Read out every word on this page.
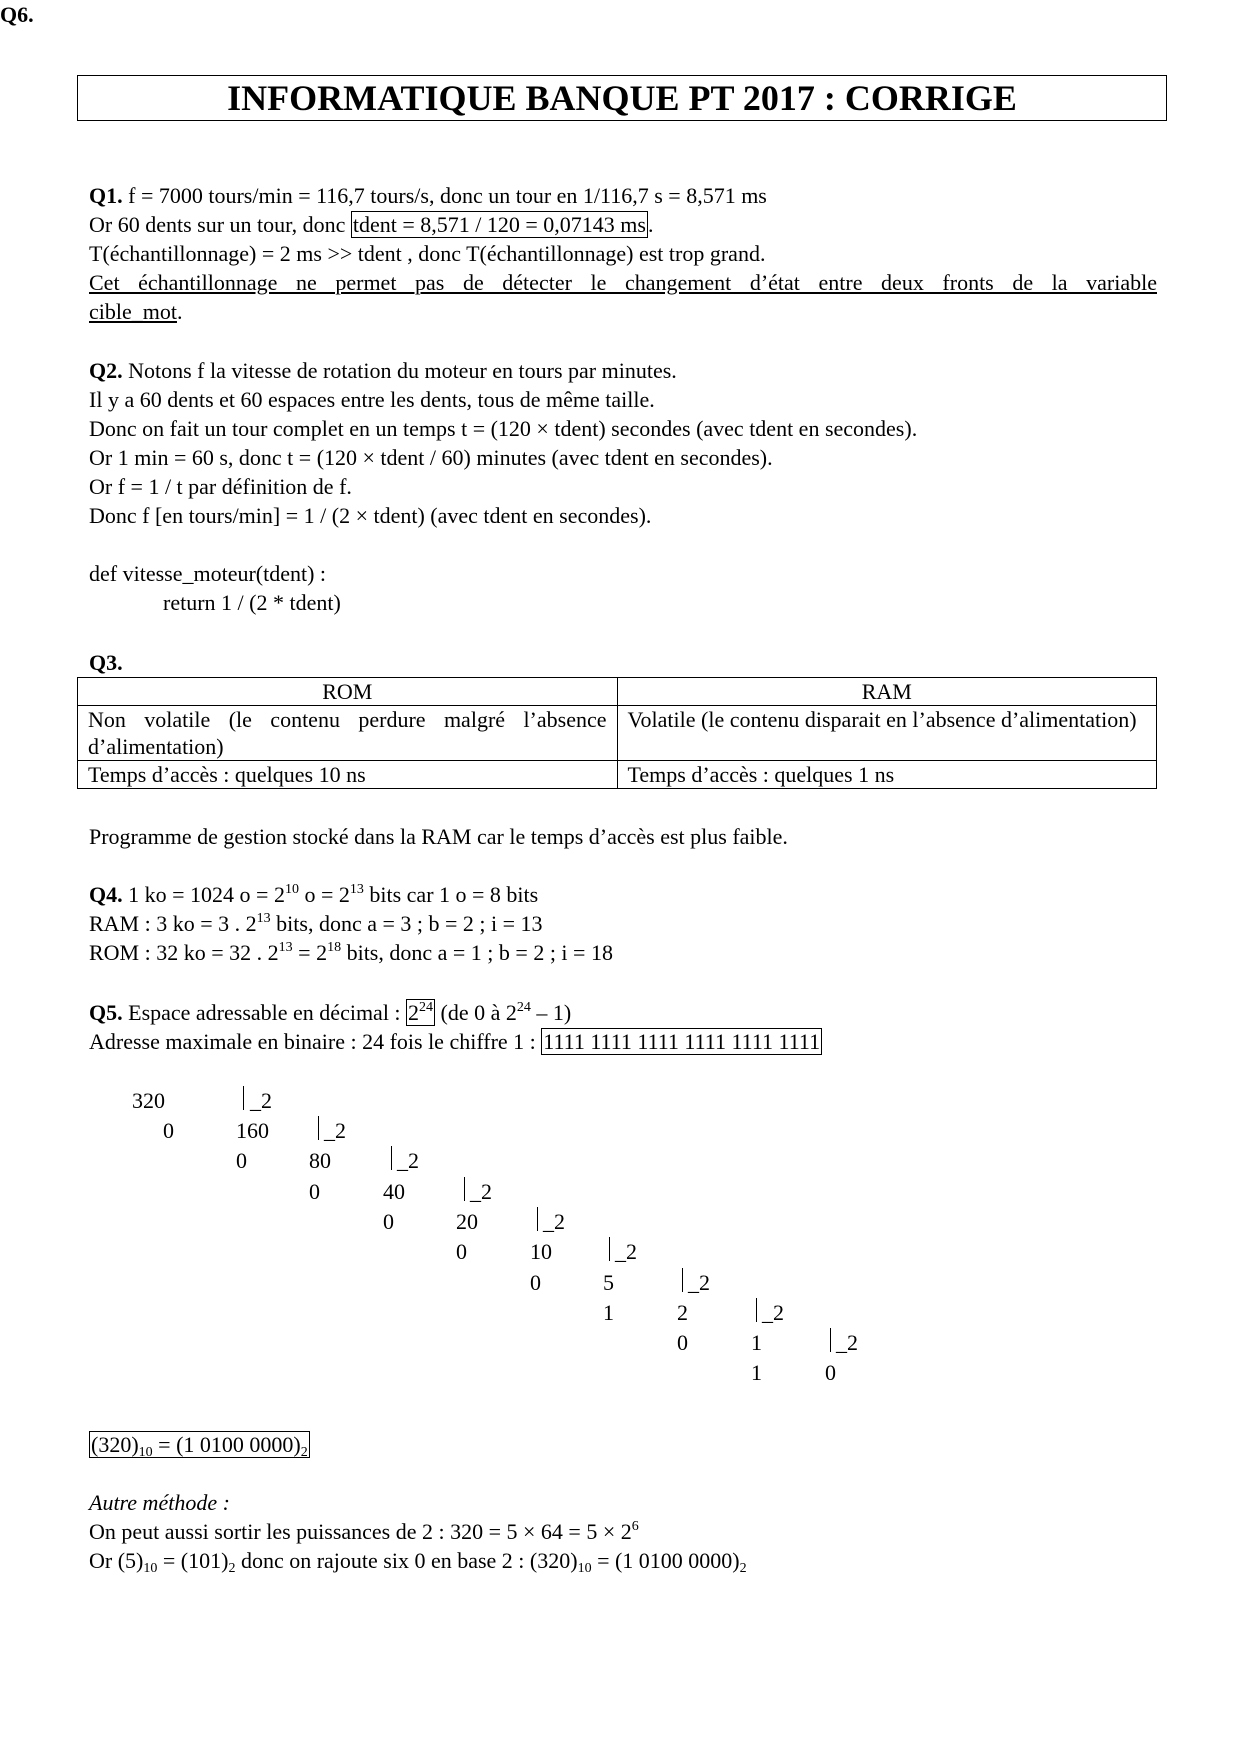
INFORMATIQUE BANQUE PT 2017 : CORRIGE
Q1. f = 7000 tours/min = 116,7 tours/s, donc un tour en 1/116,7 s = 8,571 ms
Or 60 dents sur un tour, donc tdent = 8,571 / 120 = 0,07143 ms.
T(échantillonnage) = 2 ms >> tdent , donc T(échantillonnage) est trop grand.
Cet échantillonnage ne permet pas de détecter le changement d’état entre deux fronts de la variable
cible_mot.
Q2. Notons f la vitesse de rotation du moteur en tours par minutes.
Il y a 60 dents et 60 espaces entre les dents, tous de même taille.
Donc on fait un tour complet en un temps t = (120 × tdent) secondes (avec tdent en secondes).
Or 1 min = 60 s, donc t = (120 × tdent / 60) minutes (avec tdent en secondes).
Or f = 1 / t par définition de f.
Donc f [en tours/min] = 1 / (2 × tdent) (avec tdent en secondes).
def vitesse_moteur(tdent) :
return 1 / (2 * tdent)
Q3.
ROM	RAM
Non volatile (le contenu perdure malgré l’absence d’alimentation)	Volatile (le contenu disparait en l’absence d’alimentation)
Temps d’accès : quelques 10 ns	Temps d’accès : quelques 1 ns
Programme de gestion stocké dans la RAM car le temps d’accès est plus faible.
Q4. 1 ko = 1024 $o = 2^{10}$ $o = 2^{13}$ bits car 1 o = 8 bits
RAM : 3 ko = 3 . $2^{13}$ bits, donc a = 3 ; b = 2 ; i = 13
ROM : 32 ko = 32 . $2^{13} = 2^{18}$ bits, donc a = 1 ; b = 2 ; i = 18
Q5. Espace adressable en décimal : $2^{24}$ (de 0 à $2^{24} - 1$)
Adresse maximale en binaire : 24 fois le chiffre 1 : 1111 1111 1111 1111 1111 1111
Q6.
320	_2
0	160	_2
0	80	_2
0	40	_2
0	20	_2
0	10	_2
0	5	_2
1	2	_2
0	1	_2
1	0
$(320)_{10} = (1$ 0100 $0000)_2$
Autre méthode :
On peut aussi sortir les puissances de 2 : $320 = 5 \times 64 = 5 \times 2^6$
Or $(5)_{10} = (101)_2$ donc on rajoute six 0 en base 2 : $(320)_{10} = (1$ 0100 $0000)_2$
